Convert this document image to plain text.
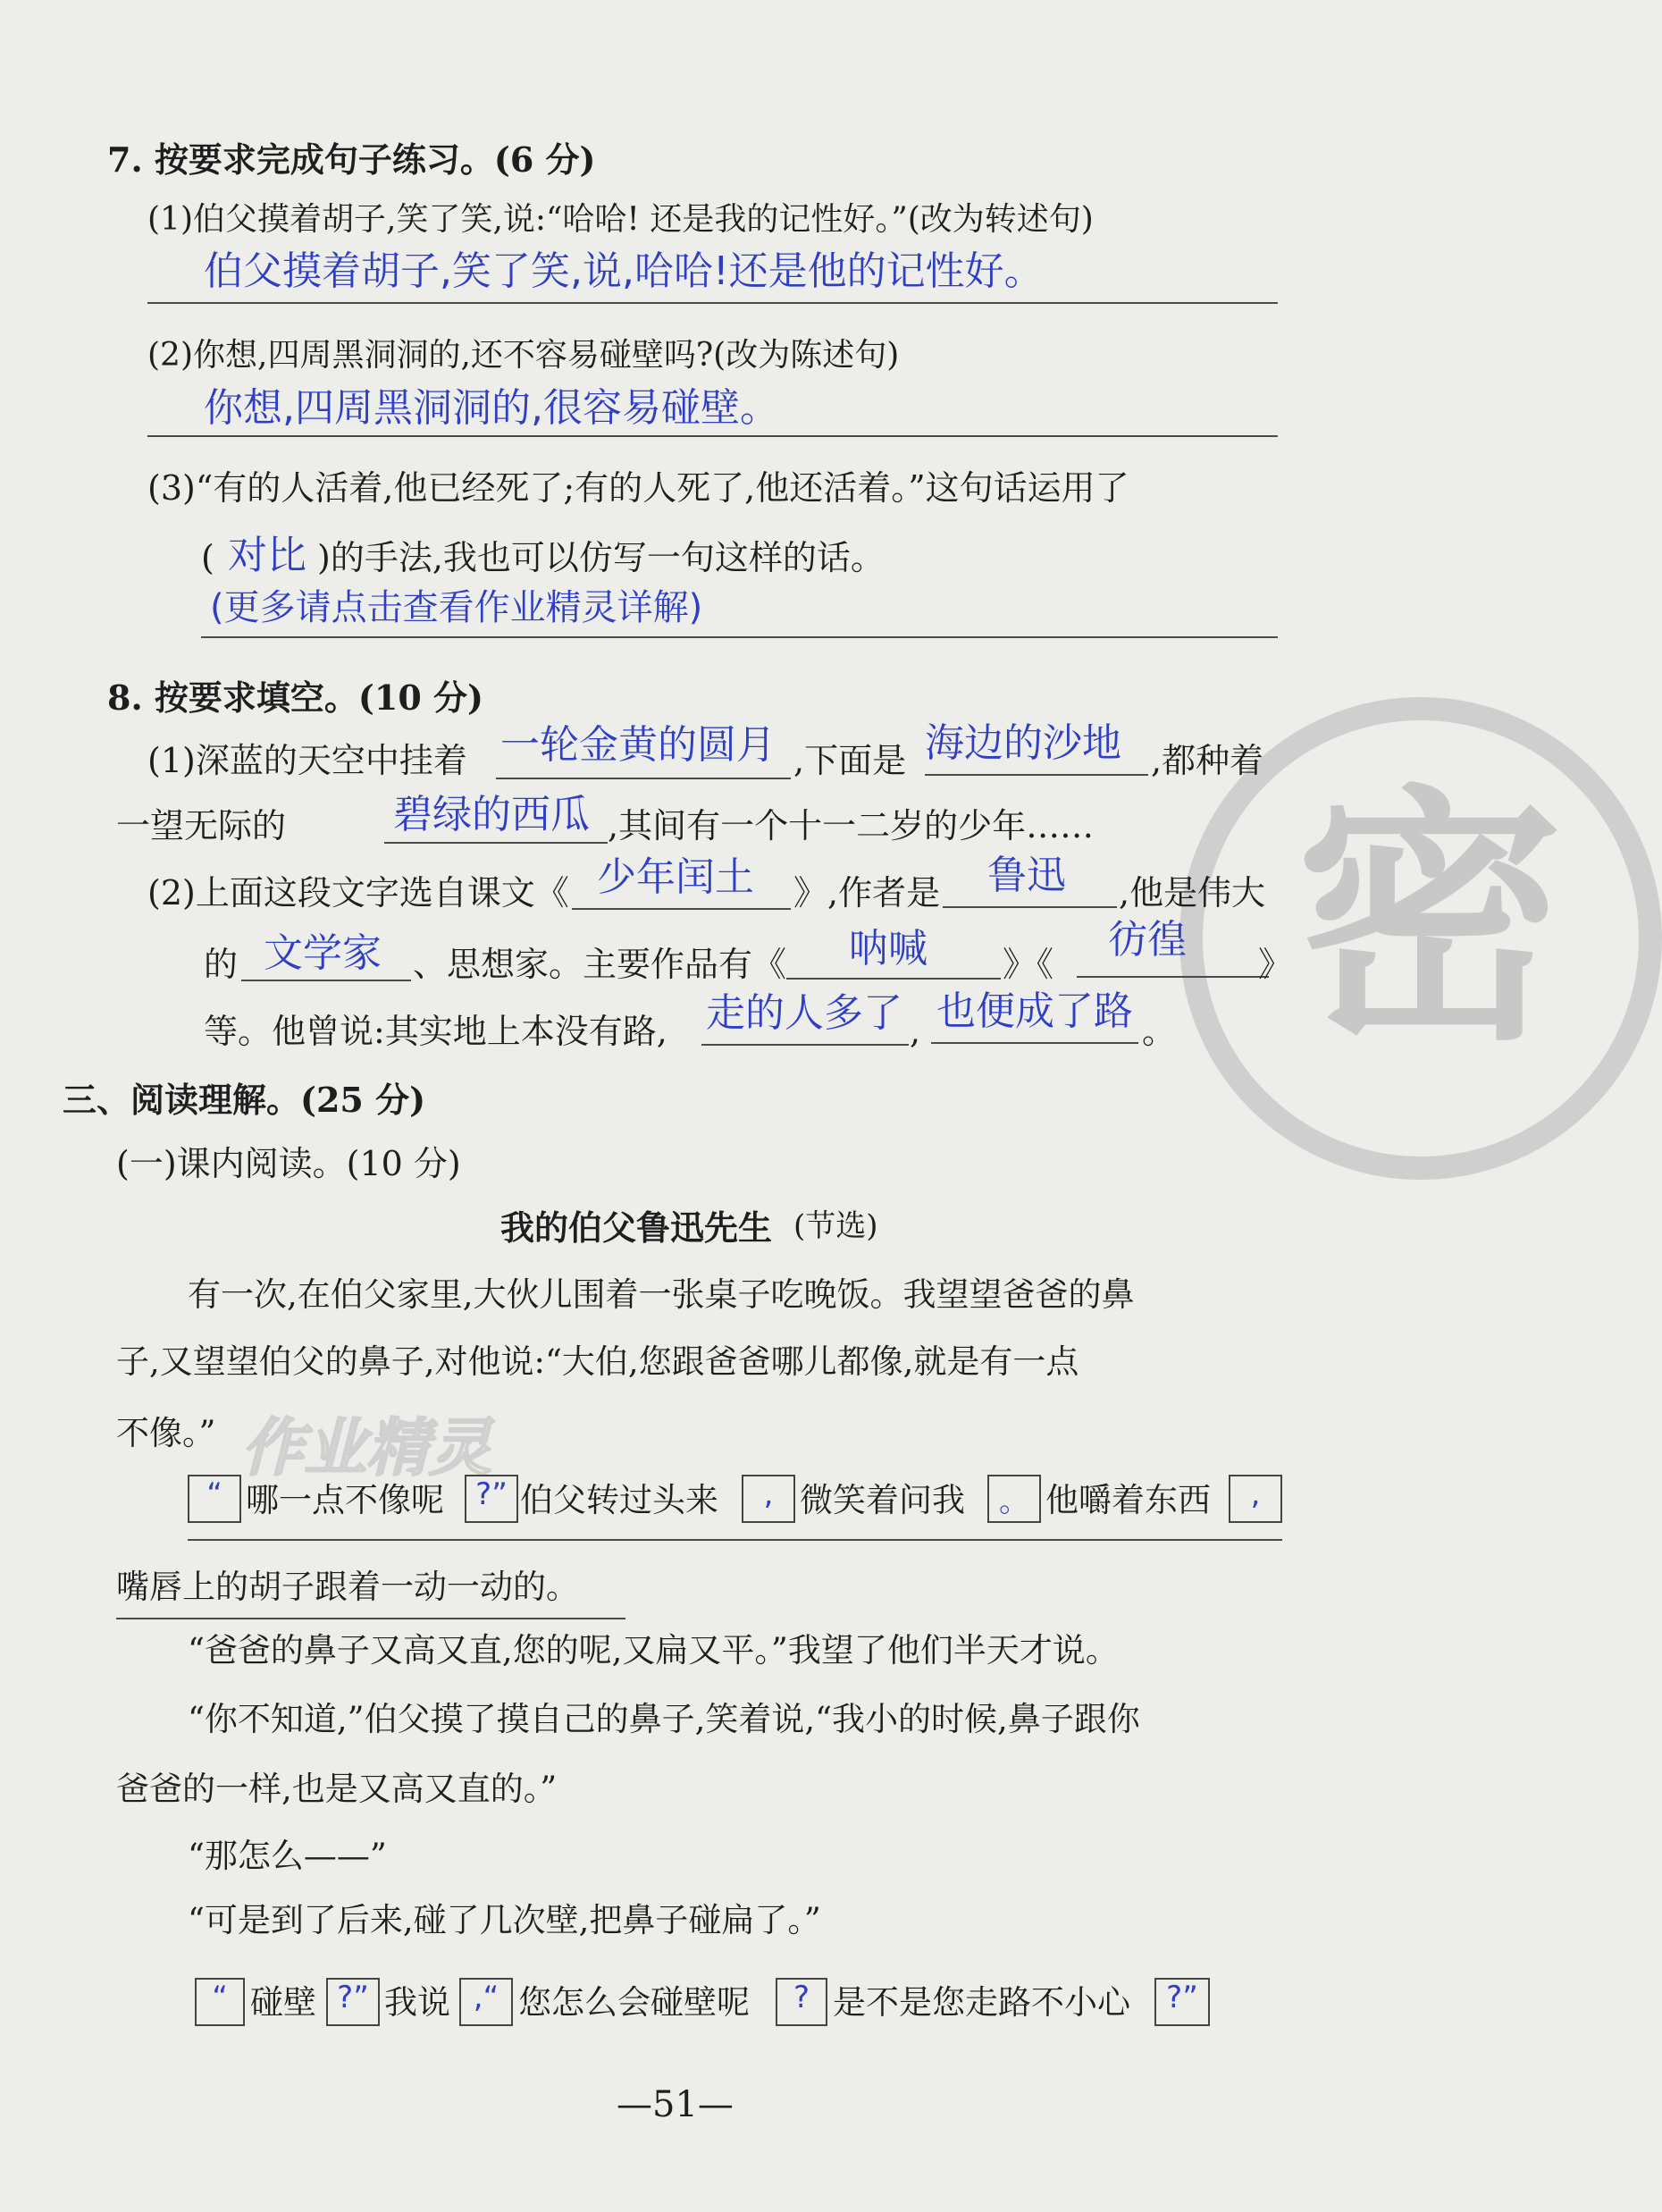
密
作业精灵
7. 按要求完成句子练习。(6 分)
(1)伯父摸着胡子,笑了笑,说:“哈哈! 还是我的记性好。”(改为转述句)
伯父摸着胡子,笑了笑,说,哈哈!还是他的记性好。
(2)你想,四周黑洞洞的,还不容易碰壁吗?(改为陈述句)
你想,四周黑洞洞的,很容易碰壁。
(3)“有的人活着,他已经死了;有的人死了,他还活着。”这句话运用了
( 对比 )的手法,我也可以仿写一句这样的话。
(更多请点击查看作业精灵详解)
8. 按要求填空。(10 分)
(1)深蓝的天空中挂着 一轮金黄的圆月 ,下面是 海边的沙地 ,都种着
一望无际的	碧绿的西瓜 ,其间有一个十一二岁的少年……
(2)上面这段文字选自课文《 少年闰土 》,作者是 鲁迅 ,他是伟大
的 文学家 、思想家。主要作品有《 呐喊 》《
彷徨
》
等。他曾说:其实地上本没有路, 走的人多了 , 也便成了路 。
三、阅读理解。(25 分)
(一)课内阅读。(10 分)
我的伯父鲁迅先生 (节选)
有一次,在伯父家里,大伙儿围着一张桌子吃晚饭。我望望爸爸的鼻
子,又望望伯父的鼻子,对他说:“大伯,您跟爸爸哪儿都像,就是有一点
不像。”
“ 哪一点不像呢	?” 伯父转过头来	, 微笑着问我	。 他嚼着东西	,
嘴唇上的胡子跟着一动一动的。
“爸爸的鼻子又高又直,您的呢,又扁又平。”我望了他们半天才说。
“你不知道,”伯父摸了摸自己的鼻子,笑着说,“我小的时候,鼻子跟你
爸爸的一样,也是又高又直的。”
“那怎么——”
“可是到了后来,碰了几次壁,把鼻子碰扁了。”
“ 碰壁 ?” 我说 ,“ 您怎么会碰壁呢	? 是不是您走路不小心	?”
—51—
